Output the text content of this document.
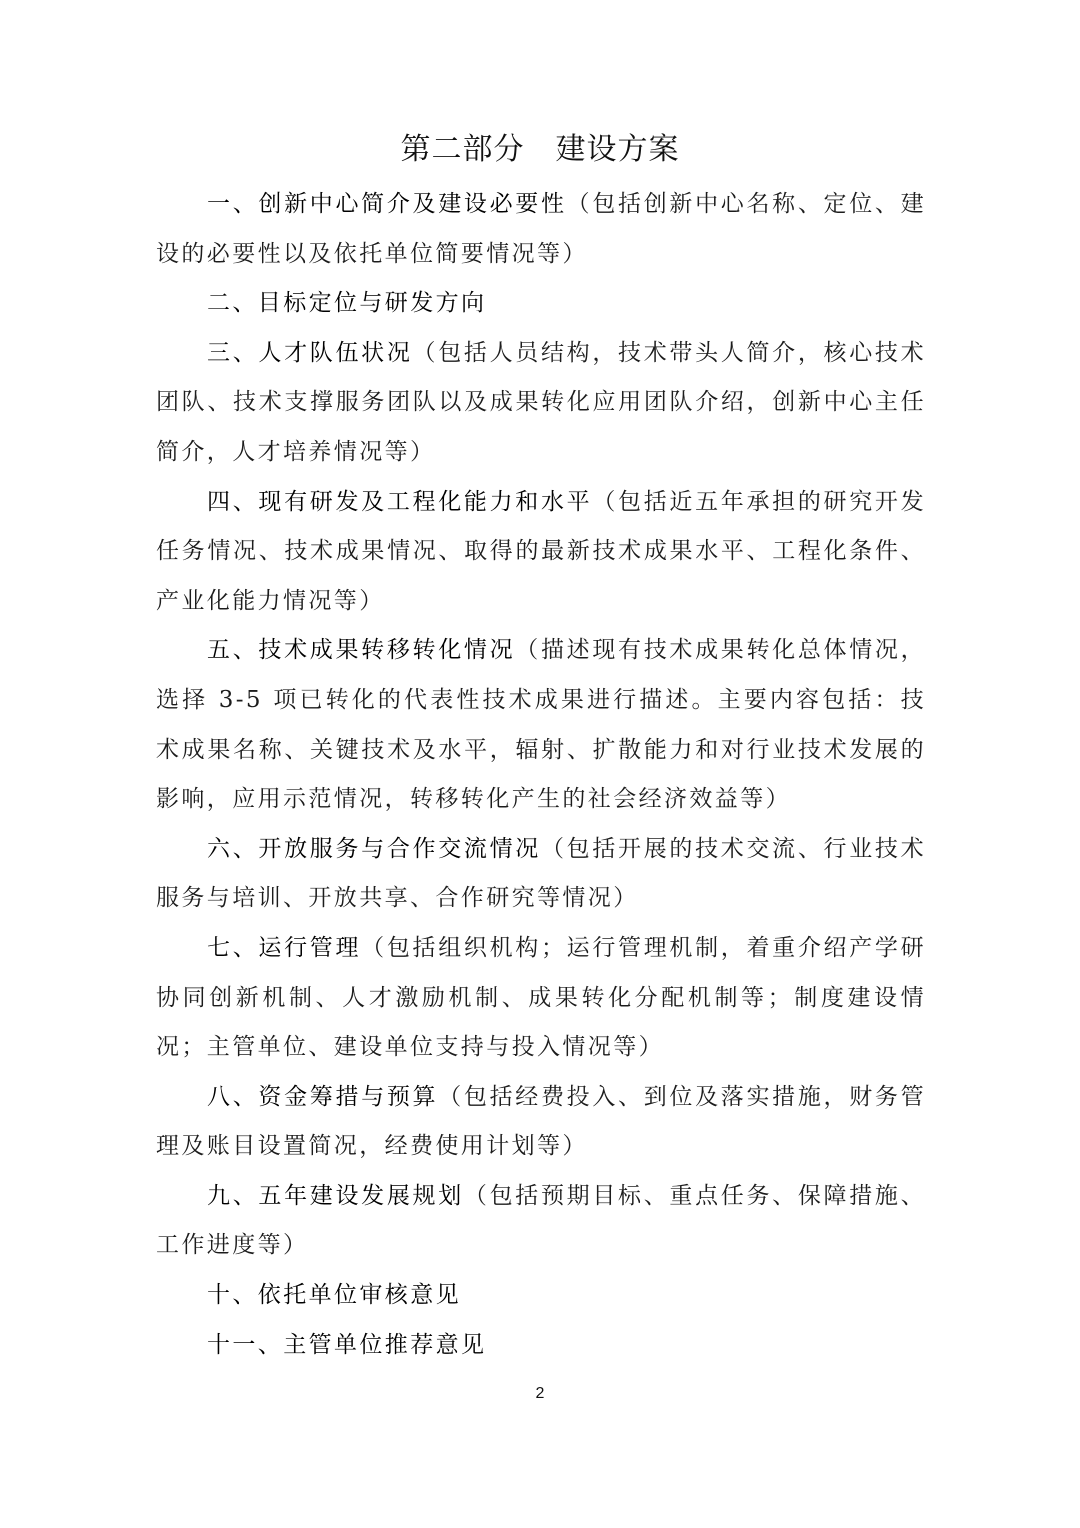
第二部分　建设方案

一、创新中心简介及建设必要性（包括创新中心名称、定位、建设的必要性以及依托单位简要情况等）

二、目标定位与研发方向

三、人才队伍状况（包括人员结构，技术带头人简介，核心技术团队、技术支撑服务团队以及成果转化应用团队介绍，创新中心主任简介，人才培养情况等）

四、现有研发及工程化能力和水平（包括近五年承担的研究开发任务情况、技术成果情况、取得的最新技术成果水平、工程化条件、产业化能力情况等）

五、技术成果转移转化情况（描述现有技术成果转化总体情况，选择 3-5 项已转化的代表性技术成果进行描述。主要内容包括：技术成果名称、关键技术及水平，辐射、扩散能力和对行业技术发展的影响，应用示范情况，转移转化产生的社会经济效益等）

六、开放服务与合作交流情况（包括开展的技术交流、行业技术服务与培训、开放共享、合作研究等情况）

七、运行管理（包括组织机构；运行管理机制，着重介绍产学研协同创新机制、人才激励机制、成果转化分配机制等；制度建设情况；主管单位、建设单位支持与投入情况等）

八、资金筹措与预算（包括经费投入、到位及落实措施，财务管理及账目设置简况，经费使用计划等）

九、五年建设发展规划（包括预期目标、重点任务、保障措施、工作进度等）

十、依托单位审核意见

十一、主管单位推荐意见

2
